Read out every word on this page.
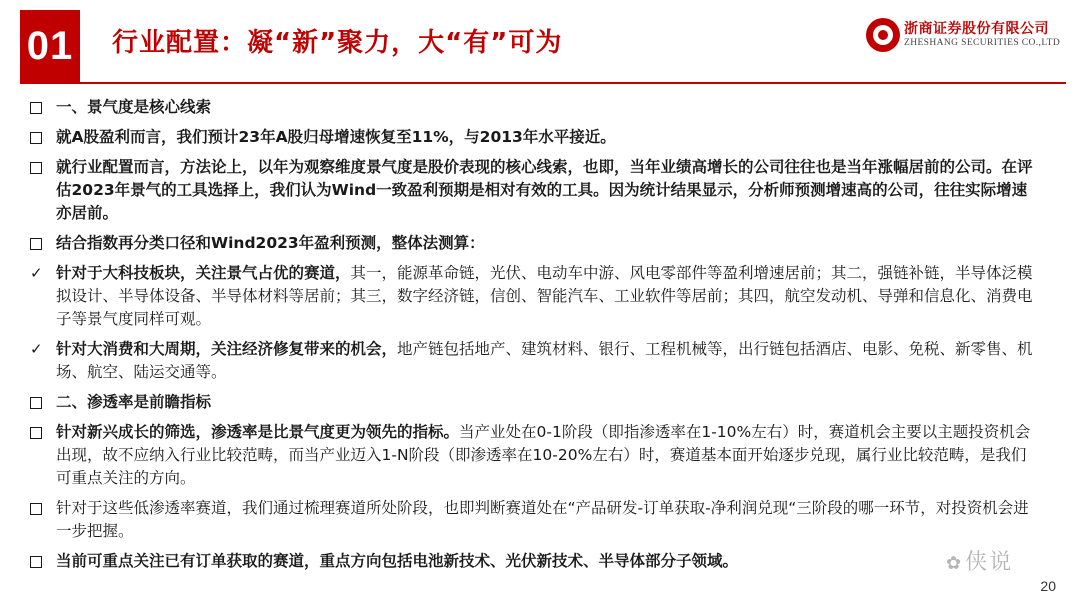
01 行业配置：凝“新”聚力，大“有”可为	浙商证券股份有限公司
ZHESHANG SECURITIES CO.,LTD
一、景气度是核心线索
就A股盈利而言，我们预计23年A股归母增速恢复至11%，与2013年水平接近。
就行业配置而言，方法论上，以年为观察维度景气度是股价表现的核心线索，也即，当年业绩高增长的公司往往也是当年涨幅居前的公司。在评估2023年景气的工具选择上，我们认为Wind一致盈利预期是相对有效的工具。因为统计结果显示，分析师预测增速高的公司，往往实际增速亦居前。
结合指数再分类口径和Wind2023年盈利预测，整体法测算：
✓ 针对于大科技板块，关注景气占优的赛道，其一，能源革命链，光伏、电动车中游、风电零部件等盈利增速居前；其二，强链补链，半导体泛模拟设计、半导体设备、半导体材料等居前；其三，数字经济链，信创、智能汽车、工业软件等居前；其四，航空发动机、导弹和信息化、消费电子等景气度同样可观。
✓ 针对大消费和大周期，关注经济修复带来的机会，地产链包括地产、建筑材料、银行、工程机械等，出行链包括酒店、电影、免税、新零售、机场、航空、陆运交通等。
二、渗透率是前瞻指标
针对新兴成长的筛选，渗透率是比景气度更为领先的指标。当产业处在0-1阶段（即指渗透率在1-10%左右）时，赛道机会主要以主题投资机会出现，故不应纳入行业比较范畴，而当产业迈入1-N阶段（即渗透率在10-20%左右）时，赛道基本面开始逐步兑现，属行业比较范畴，是我们可重点关注的方向。
针对于这些低渗透率赛道，我们通过梳理赛道所处阶段，也即判断赛道处在“产品研发-订单获取-净利润兑现“三阶段的哪一环节，对投资机会进一步把握。
当前可重点关注已有订单获取的赛道，重点方向包括电池新技术、光伏新技术、半导体部分子领域。	✿ 侠说
20
